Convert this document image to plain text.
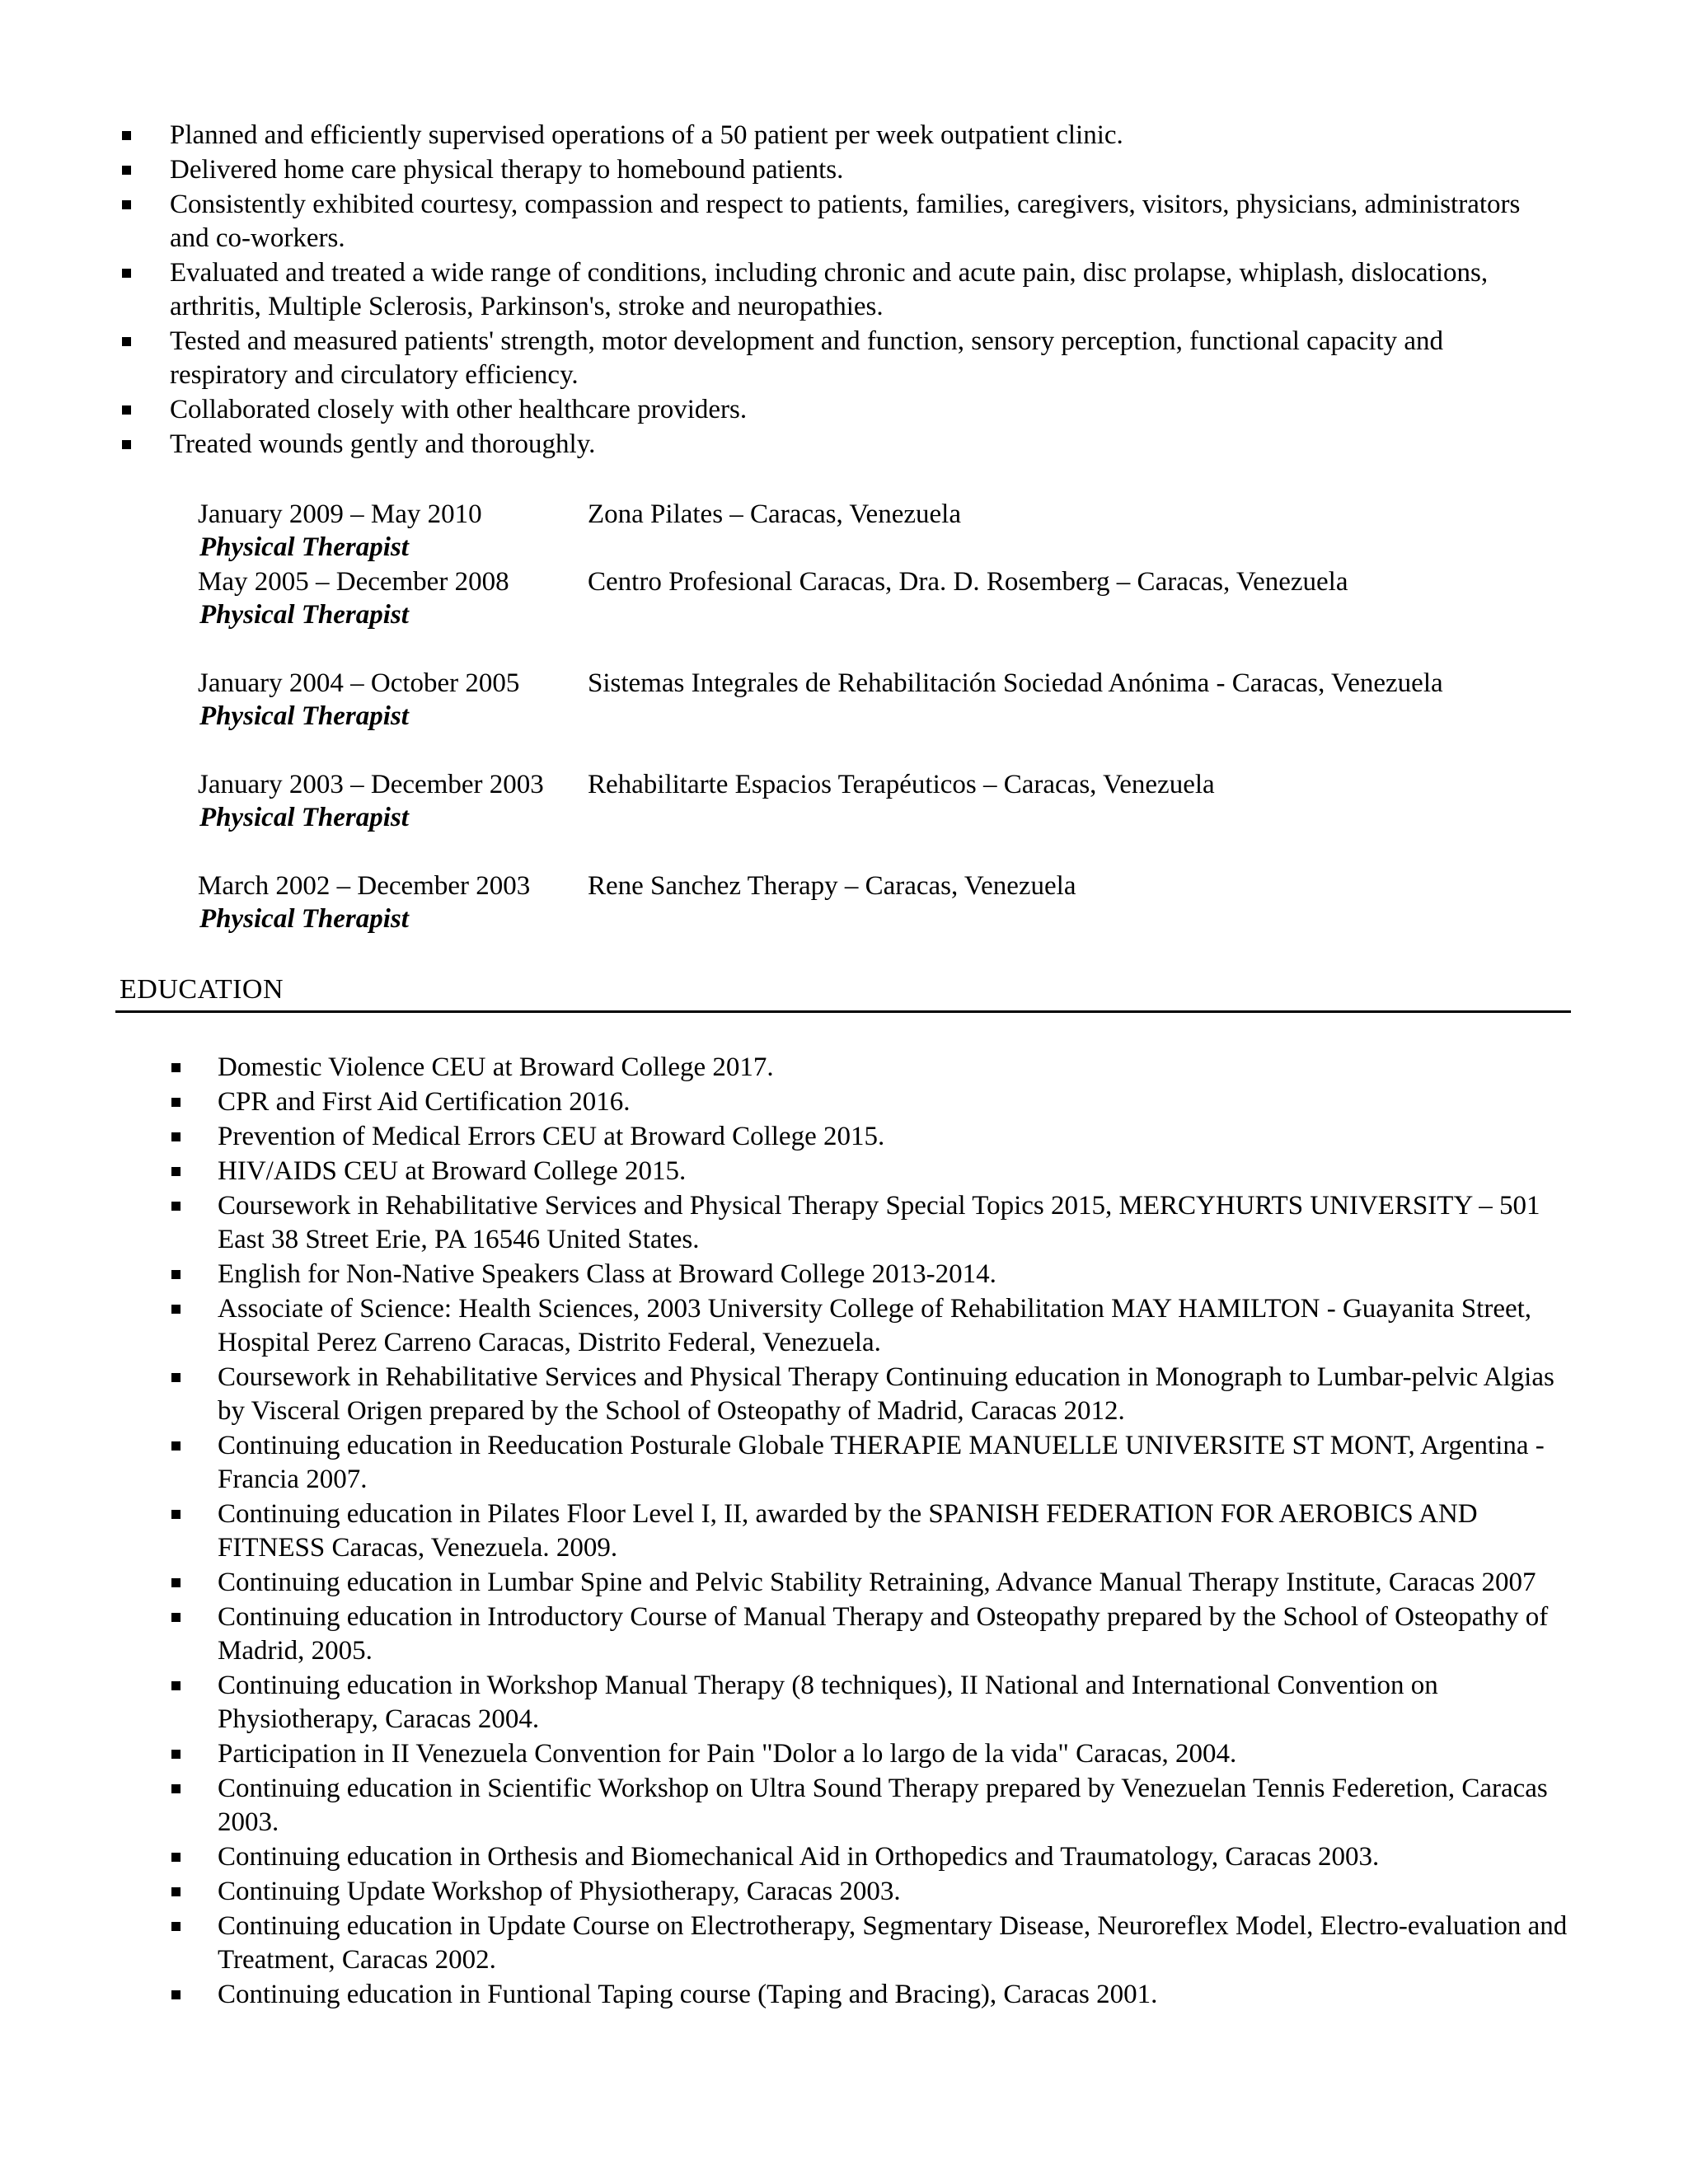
Planned and efficiently supervised operations of a 50 patient per week outpatient clinic.
Delivered home care physical therapy to homebound patients.
Consistently exhibited courtesy, compassion and respect to patients, families, caregivers, visitors, physicians, administrators and co-workers.
Evaluated and treated a wide range of conditions, including chronic and acute pain, disc prolapse, whiplash, dislocations, arthritis, Multiple Sclerosis, Parkinson's, stroke and neuropathies.
Tested and measured patients' strength, motor development and function, sensory perception, functional capacity and respiratory and circulatory efficiency.
Collaborated closely with other healthcare providers.
Treated wounds gently and thoroughly.
January 2009 – May 2010	Zona Pilates – Caracas, Venezuela
Physical Therapist
May 2005 – December 2008	Centro Profesional Caracas, Dra. D. Rosemberg – Caracas, Venezuela
Physical Therapist
January 2004 – October 2005	Sistemas Integrales de Rehabilitación Sociedad Anónima - Caracas, Venezuela
Physical Therapist
January 2003 – December 2003 Rehabilitarte Espacios Terapéuticos – Caracas, Venezuela
Physical Therapist
March 2002 – December 2003 Rene Sanchez Therapy – Caracas, Venezuela
Physical Therapist
EDUCATION
Domestic Violence CEU at Broward College 2017.
CPR and First Aid Certification 2016.
Prevention of Medical Errors CEU at Broward College 2015.
HIV/AIDS CEU at Broward College 2015.
Coursework in Rehabilitative Services and Physical Therapy Special Topics 2015, MERCYHURTS UNIVERSITY – 501 East 38 Street Erie, PA 16546 United States.
English for Non-Native Speakers Class at Broward College 2013-2014.
Associate of Science: Health Sciences, 2003 University College of Rehabilitation MAY HAMILTON - Guayanita Street, Hospital Perez Carreno Caracas, Distrito Federal, Venezuela.
Coursework in Rehabilitative Services and Physical Therapy Continuing education in Monograph to Lumbar-pelvic Algias by Visceral Origen prepared by the School of Osteopathy of Madrid, Caracas 2012.
Continuing education in Reeducation Posturale Globale THERAPIE MANUELLE UNIVERSITE ST MONT, Argentina - Francia 2007.
Continuing education in Pilates Floor Level I, II, awarded by the SPANISH FEDERATION FOR AEROBICS AND FITNESS Caracas, Venezuela. 2009.
Continuing education in Lumbar Spine and Pelvic Stability Retraining, Advance Manual Therapy Institute, Caracas 2007
Continuing education in Introductory Course of Manual Therapy and Osteopathy prepared by the School of Osteopathy of Madrid, 2005.
Continuing education in Workshop Manual Therapy (8 techniques), II National and International Convention on Physiotherapy, Caracas 2004.
Participation in II Venezuela Convention for Pain "Dolor a lo largo de la vida" Caracas, 2004.
Continuing education in Scientific Workshop on Ultra Sound Therapy prepared by Venezuelan Tennis Federetion, Caracas 2003.
Continuing education in Orthesis and Biomechanical Aid in Orthopedics and Traumatology, Caracas 2003.
Continuing Update Workshop of Physiotherapy, Caracas 2003.
Continuing education in Update Course on Electrotherapy, Segmentary Disease, Neuroreflex Model, Electro-evaluation and Treatment, Caracas 2002.
Continuing education in Funtional Taping course (Taping and Bracing), Caracas 2001.
